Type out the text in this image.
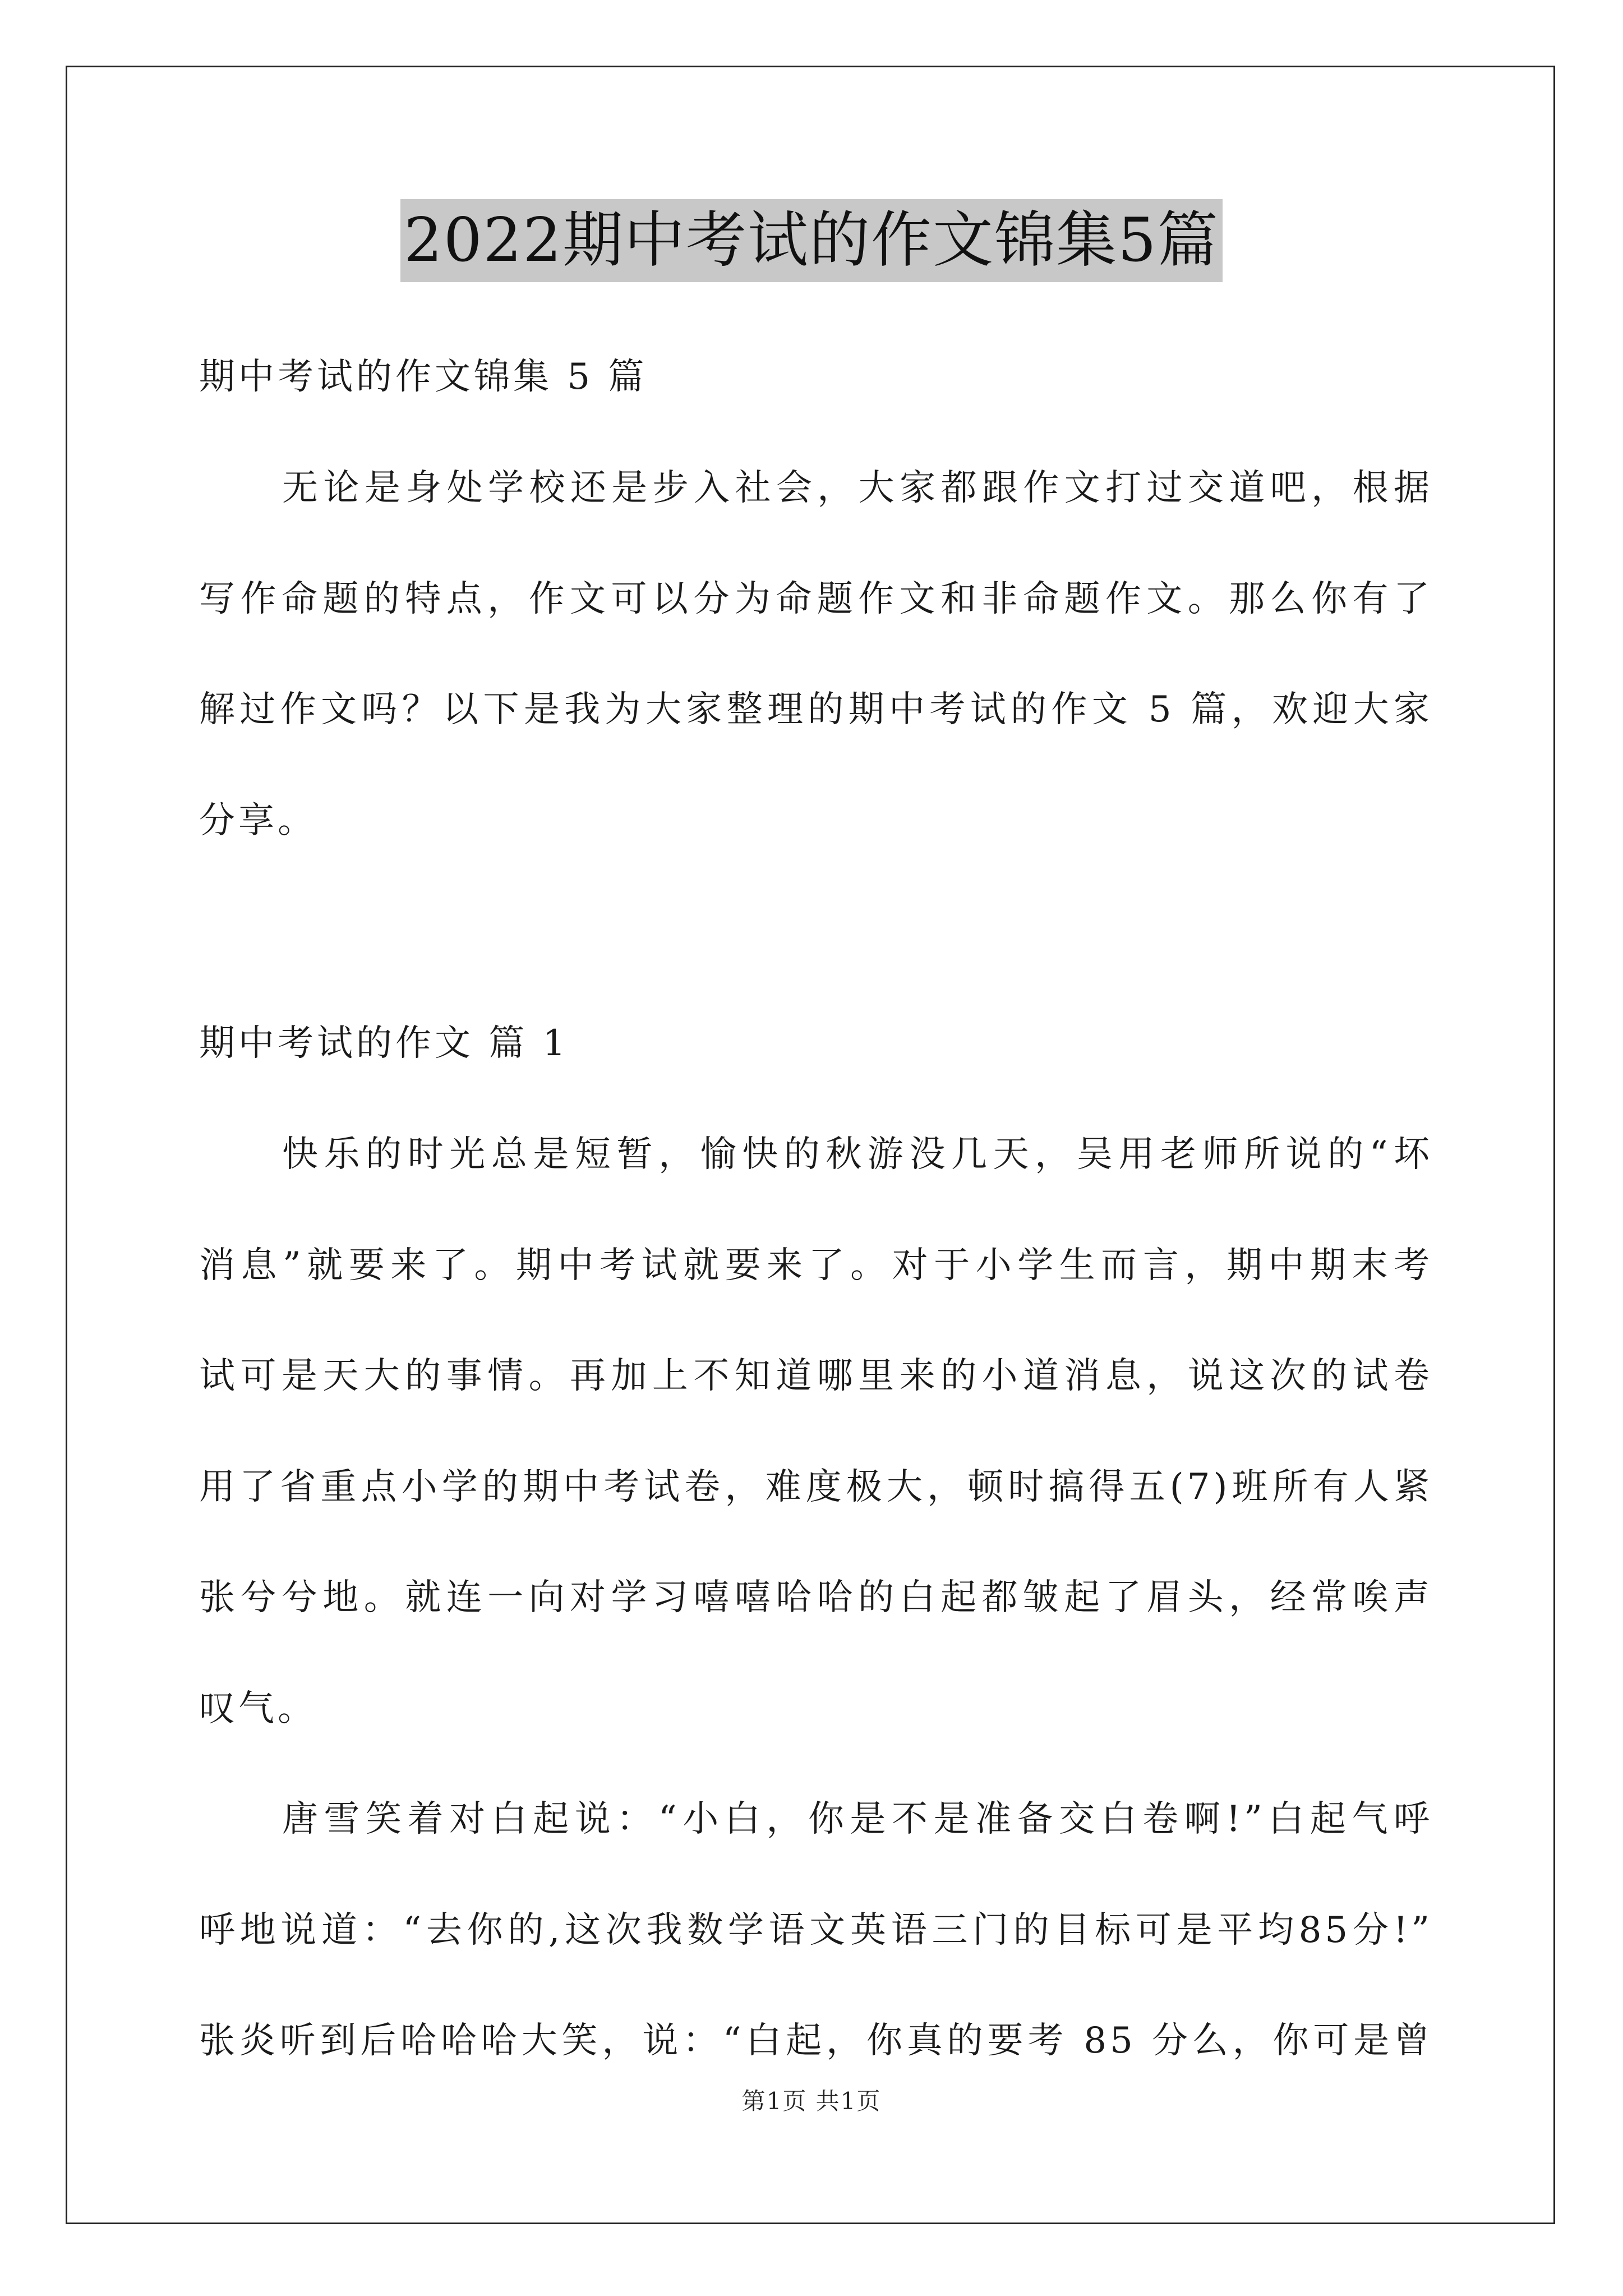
2022期中考试的作文锦集5篇
期中考试的作文锦集 5 篇
无论是身处学校还是步入社会，大家都跟作文打过交道吧，根据
写作命题的特点，作文可以分为命题作文和非命题作文。那么你有了
解过作文吗？以下是我为大家整理的期中考试的作文 5 篇，欢迎大家
分享。
期中考试的作文 篇 1
快乐的时光总是短暂，愉快的秋游没几天，吴用老师所说的“坏
消息”就要来了。期中考试就要来了。对于小学生而言，期中期末考
试可是天大的事情。再加上不知道哪里来的小道消息，说这次的试卷
用了省重点小学的期中考试卷，难度极大，顿时搞得五(7)班所有人紧
张兮兮地。就连一向对学习嘻嘻哈哈的白起都皱起了眉头，经常唉声
叹气。
唐雪笑着对白起说：“小白，你是不是准备交白卷啊!”白起气呼
呼地说道：“去你的,这次我数学语文英语三门的目标可是平均85分!”
张炎听到后哈哈哈大笑，说：“白起，你真的要考 85 分么，你可是曾
第1页 共1页
